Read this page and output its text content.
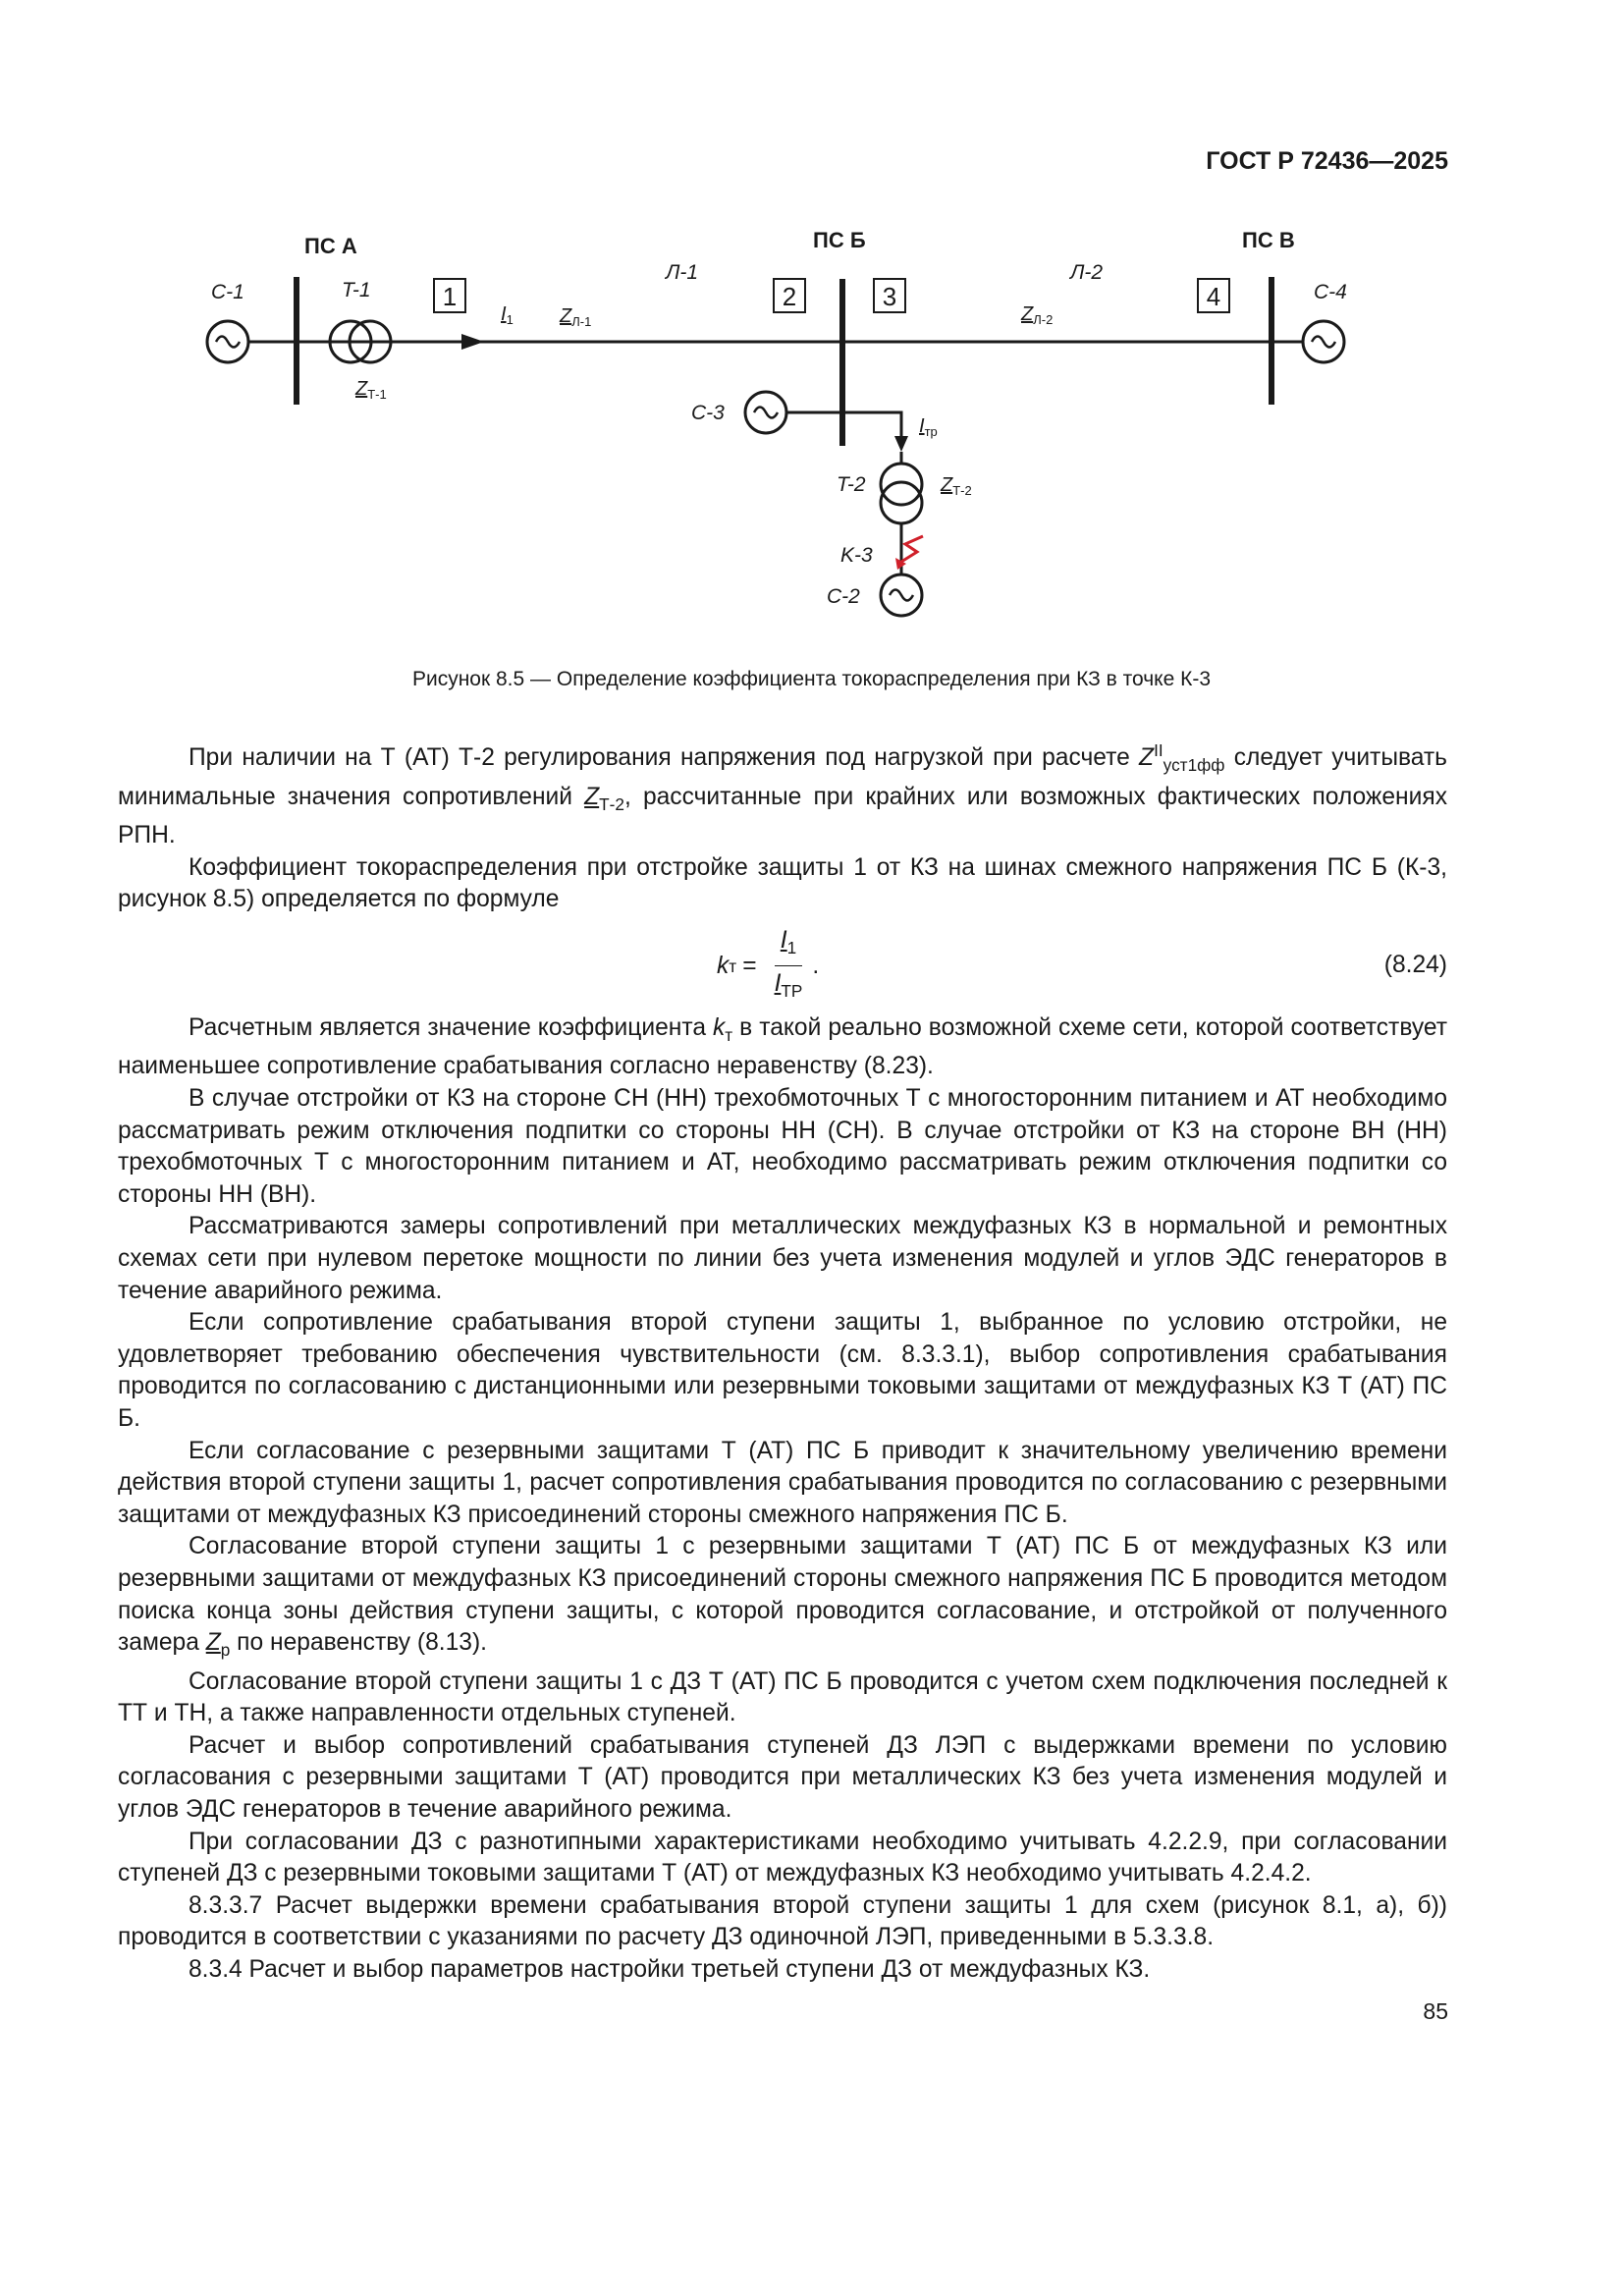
ГОСТ Р 72436—2025
1	2	3	4
ПС А	ПС Б	ПС В
C-1
C-3
C-2
C-4
T-1
T-2
Л-1	Л-2
$Z_{Т-1}$
$Z_{Л-1}$	$Z_{Л-2}$
$Z_{Т-2}$
$I_1$
$I_{тр}$
K-3
Рисунок 8.5 — Определение коэффициента токораспределения при КЗ в точке К-3

При наличии на Т (АТ) Т-2 регулирования напряжения под нагрузкой при расчете $Z^{II}_{уст1фф}$ следует учитывать минимальные значения сопротивлений $Z_{Т-2}$, рассчитанные при крайних или возможных фактических положениях РПН.

Коэффициент токораспределения при отстройке защиты 1 от КЗ на шинах смежного напряжения ПС Б (К-3, рисунок 8.5) определяется по формуле

k $т = \frac{I_1}{I_{ТР}}$ .	(8.24)

Расчетным является значение коэффициента $k_т$ в такой реально возможной схеме сети, которой соответствует наименьшее сопротивление срабатывания согласно неравенству (8.23).

В случае отстройки от КЗ на стороне СН (НН) трехобмоточных Т с многосторонним питанием и АТ необходимо рассматривать режим отключения подпитки со стороны НН (СН). В случае отстройки от КЗ на стороне ВН (НН) трехобмоточных Т с многосторонним питанием и АТ, необходимо рассматривать режим отключения подпитки со стороны НН (ВН).

Рассматриваются замеры сопротивлений при металлических междуфазных КЗ в нормальной и ремонтных схемах сети при нулевом перетоке мощности по линии без учета изменения модулей и углов ЭДС генераторов в течение аварийного режима.

Если сопротивление срабатывания второй ступени защиты 1, выбранное по условию отстройки, не удовлетворяет требованию обеспечения чувствительности (см. 8.3.3.1), выбор сопротивления срабатывания проводится по согласованию с дистанционными или резервными токовыми защитами от междуфазных КЗ Т (АТ) ПС Б.

Если согласование с резервными защитами Т (АТ) ПС Б приводит к значительному увеличению времени действия второй ступени защиты 1, расчет сопротивления срабатывания проводится по согласованию с резервными защитами от междуфазных КЗ присоединений стороны смежного напряжения ПС Б.

Согласование второй ступени защиты 1 с резервными защитами Т (АТ) ПС Б от междуфазных КЗ или резервными защитами от междуфазных КЗ присоединений стороны смежного напряжения ПС Б проводится методом поиска конца зоны действия ступени защиты, с которой проводится согласование, и отстройкой от полученного замера $Z_р$ по неравенству (8.13).

Согласование второй ступени защиты 1 с ДЗ Т (АТ) ПС Б проводится с учетом схем подключения последней к ТТ и ТН, а также направленности отдельных ступеней.

Расчет и выбор сопротивлений срабатывания ступеней ДЗ ЛЭП с выдержками времени по условию согласования с резервными защитами Т (АТ) проводится при металлических КЗ без учета изменения модулей и углов ЭДС генераторов в течение аварийного режима.

При согласовании ДЗ с разнотипными характеристиками необходимо учитывать 4.2.2.9, при согласовании ступеней ДЗ с резервными токовыми защитами Т (АТ) от междуфазных КЗ необходимо учитывать 4.2.4.2.

8.3.3.7 Расчет выдержки времени срабатывания второй ступени защиты 1 для схем (рисунок 8.1, а), б)) проводится в соответствии с указаниями по расчету ДЗ одиночной ЛЭП, приведенными в 5.3.3.8.

8.3.4 Расчет и выбор параметров настройки третьей ступени ДЗ от междуфазных КЗ.

85
